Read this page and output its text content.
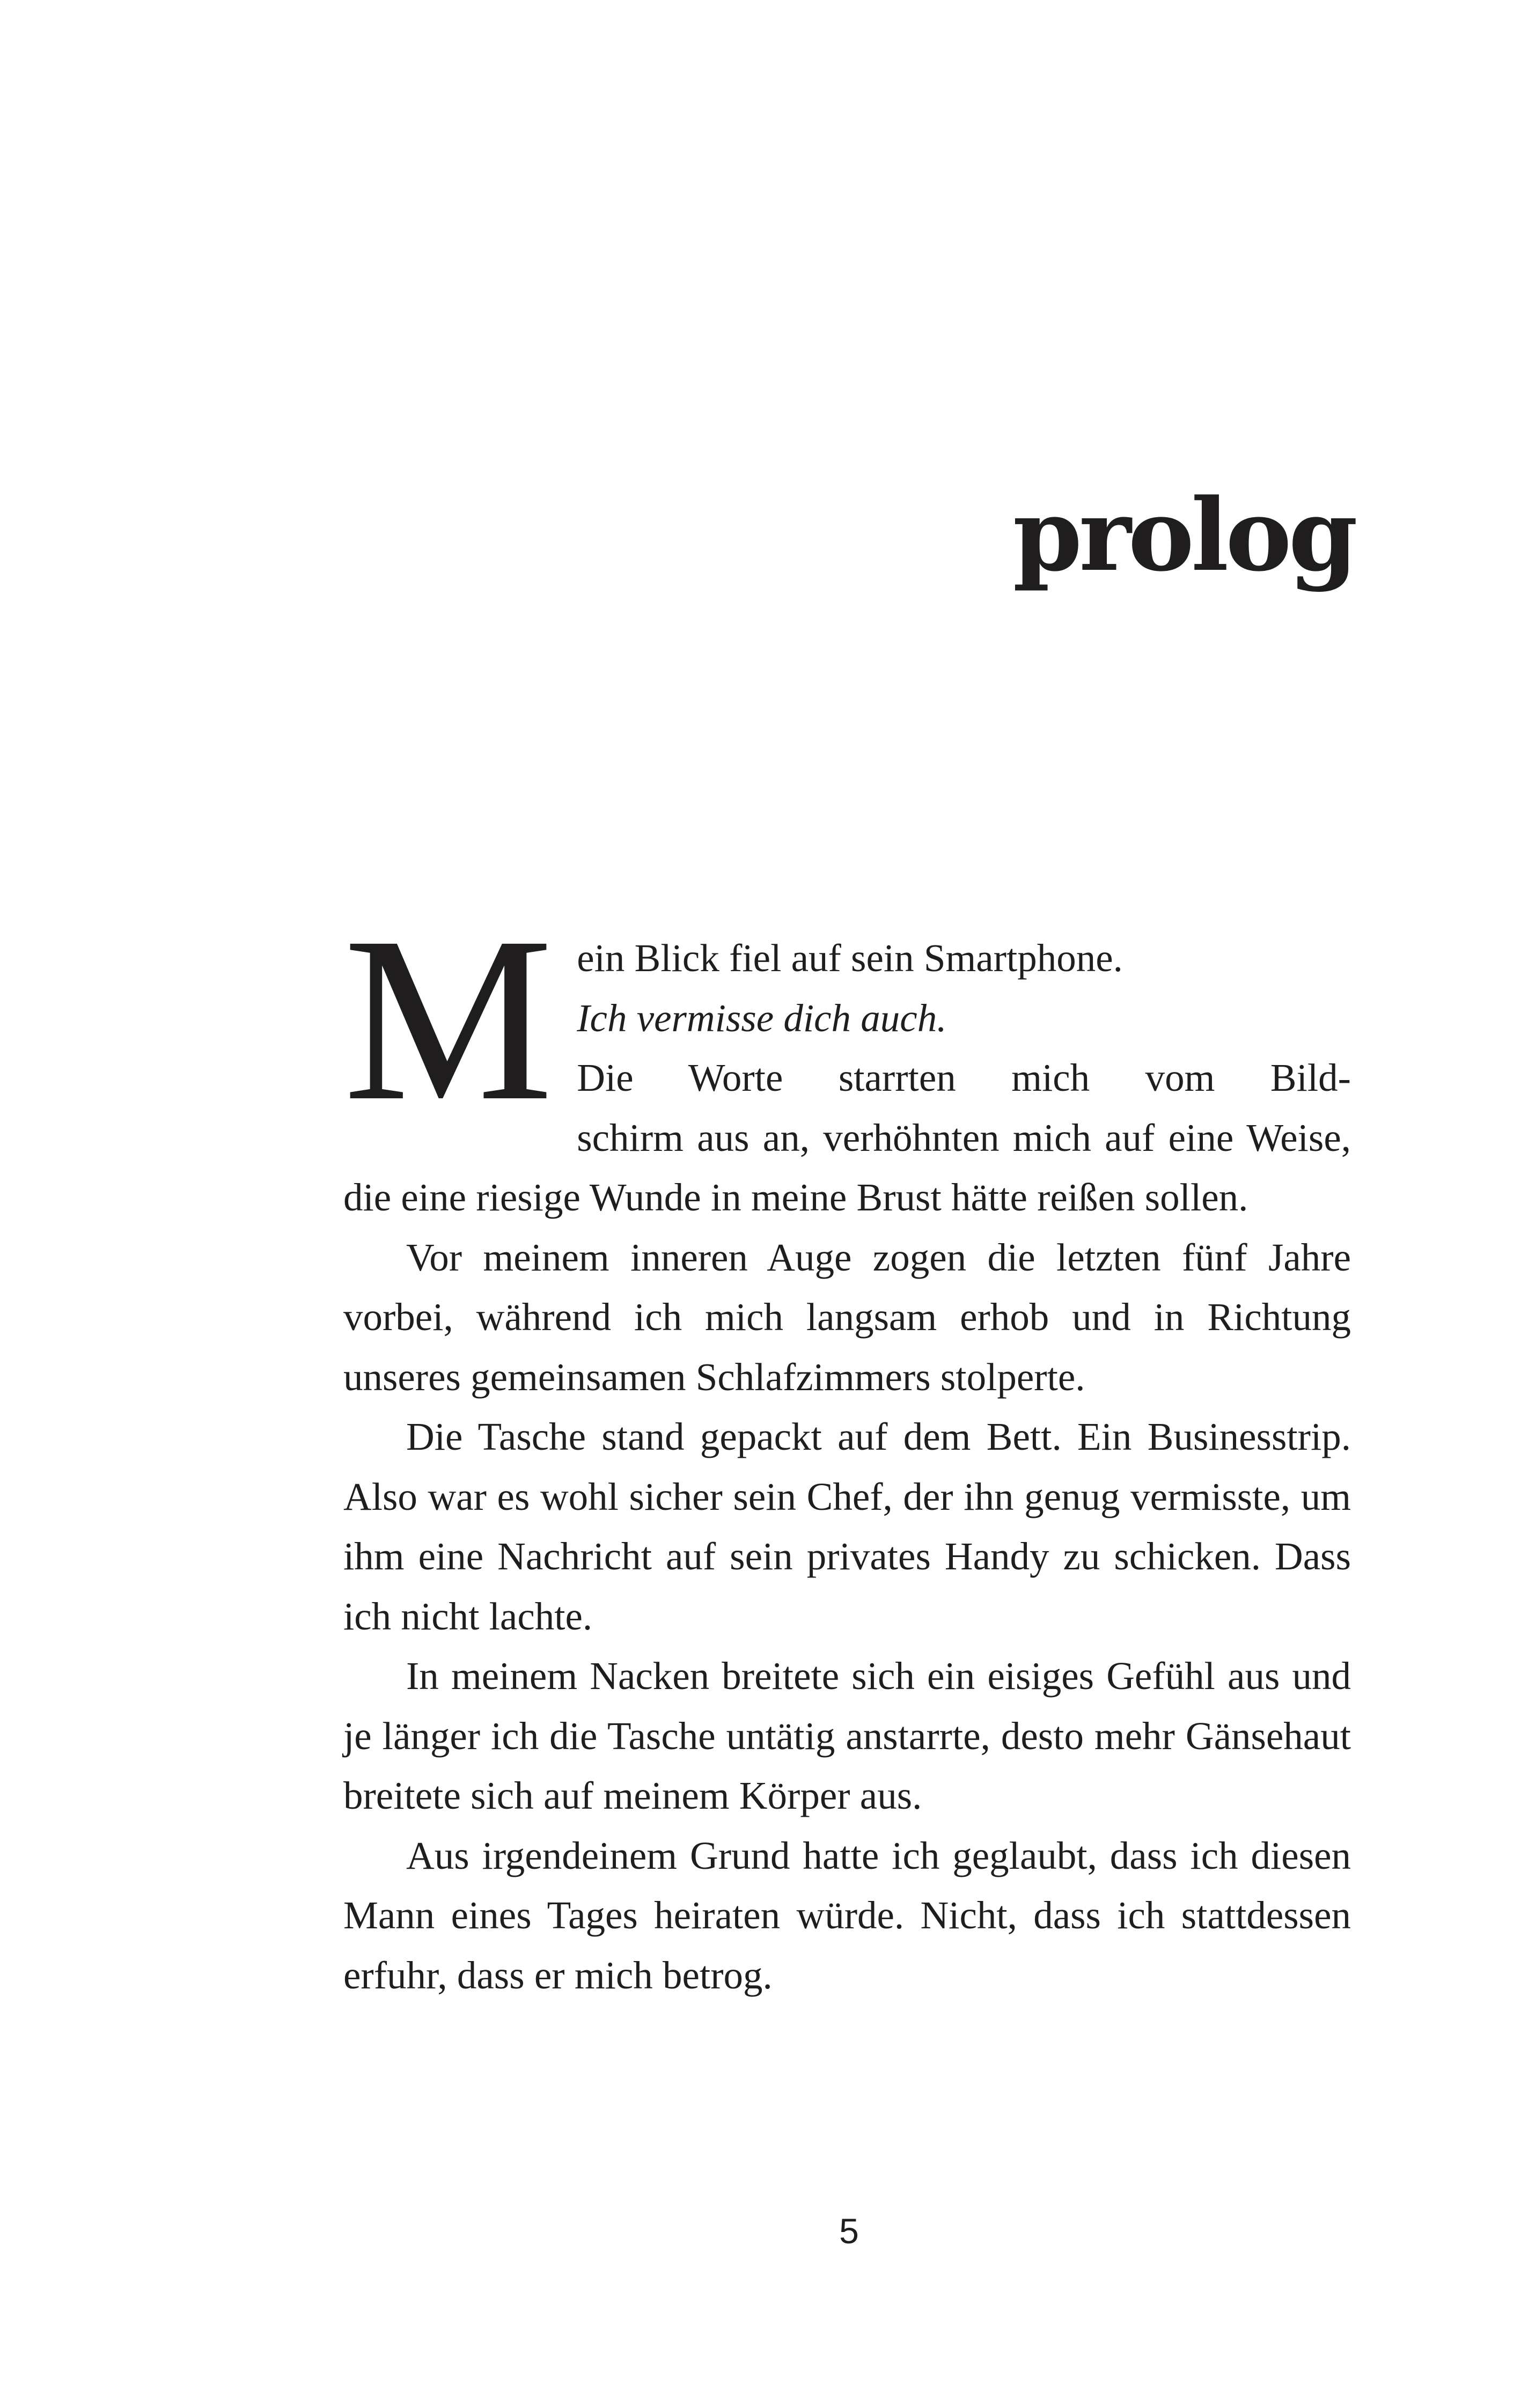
prolog

M ein Blick fiel auf sein Smartphone.
Ich vermisse dich auch.
Die Worte starrten mich vom Bild-
schirm aus an, verhöhnten mich auf eine Weise, die eine riesige Wunde in meine Brust hätte reißen sollen.

Vor meinem inneren Auge zogen die letzten fünf Jahre vorbei, während ich mich langsam erhob und in Richtung unseres gemeinsamen Schlafzimmers stolperte.

Die Tasche stand gepackt auf dem Bett. Ein Businesstrip. Also war es wohl sicher sein Chef, der ihn genug vermisste, um ihm eine Nachricht auf sein privates Handy zu schicken. Dass ich nicht lachte.

In meinem Nacken breitete sich ein eisiges Gefühl aus und je länger ich die Tasche untätig anstarrte, desto mehr Gänsehaut breitete sich auf meinem Körper aus.

Aus irgendeinem Grund hatte ich geglaubt, dass ich diesen Mann eines Tages heiraten würde. Nicht, dass ich stattdessen erfuhr, dass er mich betrog.

5
